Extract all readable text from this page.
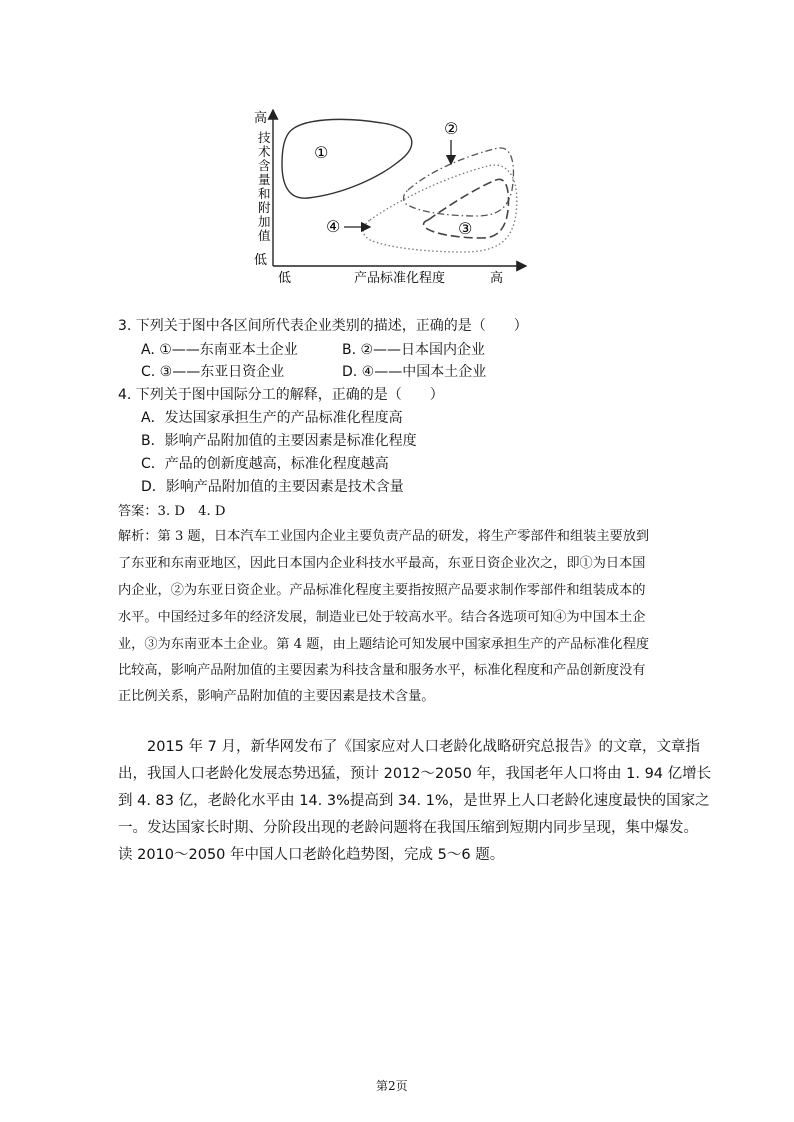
高
技
术
含
量
和
附
加
值
低
低	产品标准化程度	高
①
②
④	③
3. 下列关于图中各区间所代表企业类别的描述，正确的是（　　）
A. ①——东南亚本土企业	B. ②——日本国内企业
C. ③——东亚日资企业	D. ④——中国本土企业
4. 下列关于图中国际分工的解释，正确的是（　　）
A．发达国家承担生产的产品标准化程度高
B．影响产品附加值的主要因素是标准化程度
C．产品的创新度越高，标准化程度越高
D．影响产品附加值的主要因素是技术含量
答案：3. D　4. D
解析：第 3 题，日本汽车工业国内企业主要负责产品的研发，将生产零部件和组装主要放到
了东亚和东南亚地区，因此日本国内企业科技水平最高，东亚日资企业次之，即①为日本国
内企业，②为东亚日资企业。产品标准化程度主要指按照产品要求制作零部件和组装成本的
水平。中国经过多年的经济发展，制造业已处于较高水平。结合各选项可知④为中国本土企
业，③为东南亚本土企业。第 4 题，由上题结论可知发展中国家承担生产的产品标准化程度
比较高，影响产品附加值的主要因素为科技含量和服务水平，标准化程度和产品创新度没有
正比例关系，影响产品附加值的主要因素是技术含量。
　　2015 年 7 月，新华网发布了《国家应对人口老龄化战略研究总报告》的文章，文章指
出，我国人口老龄化发展态势迅猛，预计 2012～2050 年，我国老年人口将由 1. 94 亿增长
到 4. 83 亿，老龄化水平由 14. 3%提高到 34. 1%，是世界上人口老龄化速度最快的国家之
一。发达国家长时期、分阶段出现的老龄问题将在我国压缩到短期内同步呈现，集中爆发。
读 2010～2050 年中国人口老龄化趋势图，完成 5～6 题。
第2页
